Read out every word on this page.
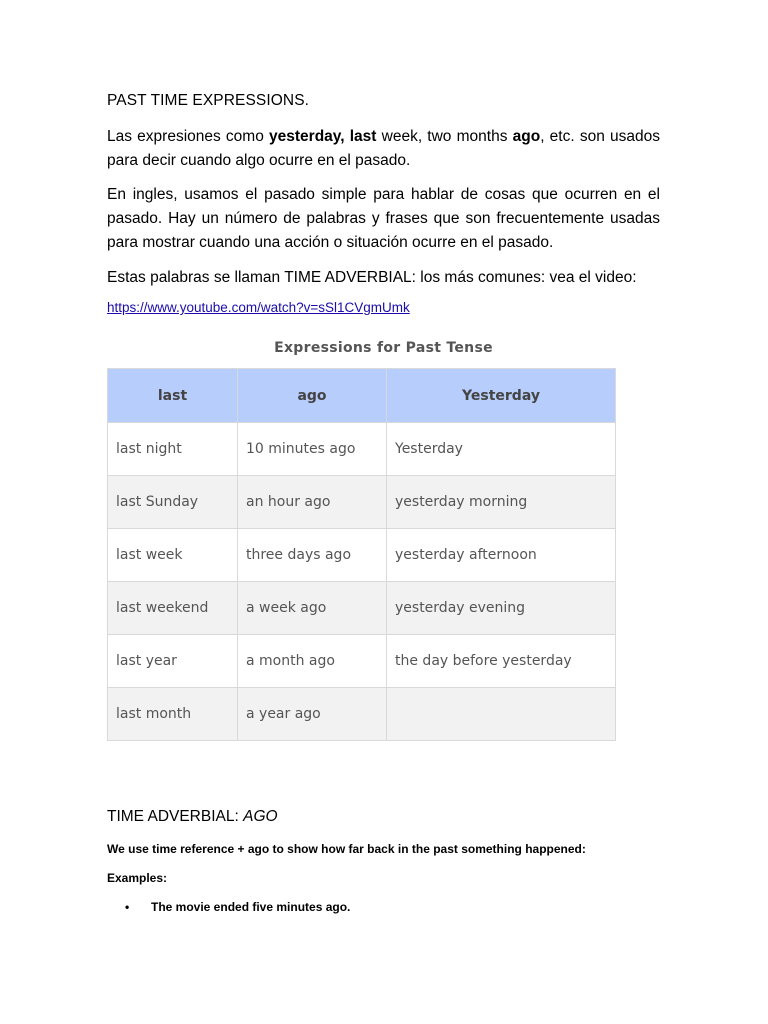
PAST TIME EXPRESSIONS.
Las expresiones como yesterday, last week, two months ago, etc. son usados para decir cuando algo ocurre en el pasado.
En ingles, usamos el pasado simple para hablar de cosas que ocurren en el pasado. Hay un número de palabras y frases que son frecuentemente usadas para mostrar cuando una acción o situación ocurre en el pasado.
Estas palabras se llaman TIME ADVERBIAL: los más comunes: vea el video:
https://www.youtube.com/watch?v=sSl1CVgmUmk
Expressions for Past Tense
last	ago	Yesterday
last night	10 minutes ago	Yesterday
last Sunday	an hour ago	yesterday morning
last week	three days ago	yesterday afternoon
last weekend	a week ago	yesterday evening
last year	a month ago	the day before yesterday
last month	a year ago	
TIME ADVERBIAL: AGO
We use time reference + ago to show how far back in the past something happened:
Examples:
• The movie ended five minutes ago.
